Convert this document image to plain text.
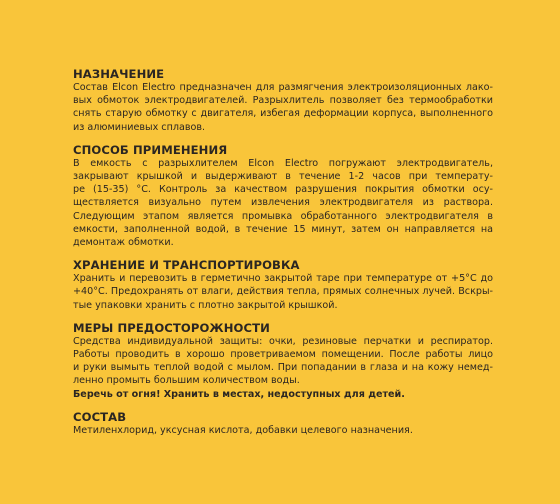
НАЗНАЧЕНИЕ
Состав Elcon Electro предназначен для размягчения электроизоляционных лако-
вых обмоток электродвигателей. Разрыхлитель позволяет без термообработки
снять старую обмотку с двигателя, избегая деформации корпуса, выполненного
из алюминиевых сплавов.
СПОСОБ ПРИМЕНЕНИЯ
В емкость с разрыхлителем Elcon Electro погружают электродвигатель,
закрывают крышкой и выдерживают в течение 1-2 часов при температу-
ре (15-35) °С. Контроль за качеством разрушения покрытия обмотки осу-
ществляется визуально путем извлечения электродвигателя из раствора.
Следующим этапом является промывка обработанного электродвигателя в
емкости, заполненной водой, в течение 15 минут, затем он направляется на
демонтаж обмотки.
ХРАНЕНИЕ И ТРАНСПОРТИРОВКА
Хранить и перевозить в герметично закрытой таре при температуре от +5°С до
+40°С. Предохранять от влаги, действия тепла, прямых солнечных лучей. Вскры-
тые упаковки хранить с плотно закрытой крышкой.
МЕРЫ ПРЕДОСТОРОЖНОСТИ
Средства индивидуальной защиты: очки, резиновые перчатки и респиратор.
Работы проводить в хорошо проветриваемом помещении. После работы лицо
и руки вымыть теплой водой с мылом. При попадании в глаза и на кожу немед-
ленно промыть большим количеством воды.
Беречь от огня! Хранить в местах, недоступных для детей.
СОСТАВ
Метиленхлорид, уксусная кислота, добавки целевого назначения.
